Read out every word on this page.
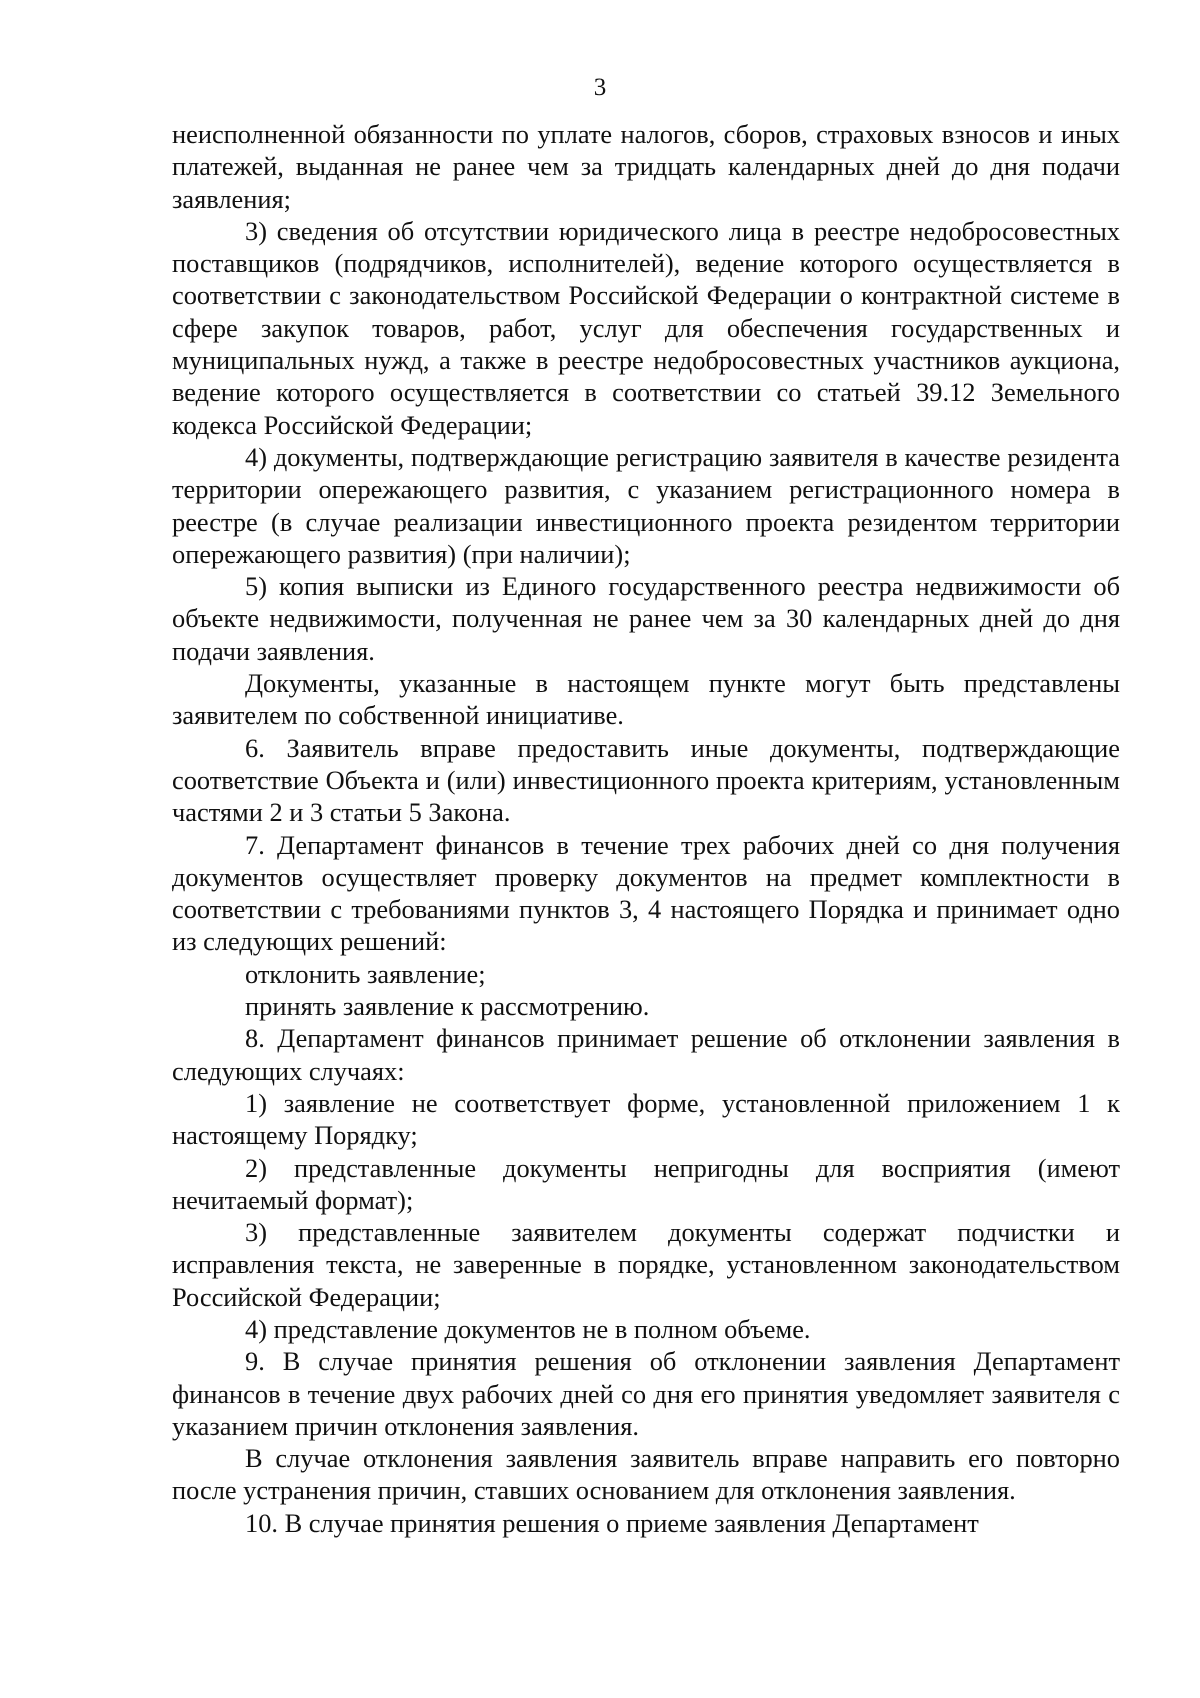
3

неисполненной обязанности по уплате налогов, сборов, страховых взносов и иных платежей, выданная не ранее чем за тридцать календарных дней до дня подачи заявления;

3) сведения об отсутствии юридического лица в реестре недобросовестных поставщиков (подрядчиков, исполнителей), ведение которого осуществляется в соответствии с законодательством Российской Федерации о контрактной системе в сфере закупок товаров, работ, услуг для обеспечения государственных и муниципальных нужд, а также в реестре недобросовестных участников аукциона, ведение которого осуществляется в соответствии со статьей 39.12 Земельного кодекса Российской Федерации;

4) документы, подтверждающие регистрацию заявителя в качестве резидента территории опережающего развития, с указанием регистрационного номера в реестре (в случае реализации инвестиционного проекта резидентом территории опережающего развития) (при наличии);

5) копия выписки из Единого государственного реестра недвижимости об объекте недвижимости, полученная не ранее чем за 30 календарных дней до дня подачи заявления.

Документы, указанные в настоящем пункте могут быть представлены заявителем по собственной инициативе.

6. Заявитель вправе предоставить иные документы, подтверждающие соответствие Объекта и (или) инвестиционного проекта критериям, установленным частями 2 и 3 статьи 5 Закона.

7. Департамент финансов в течение трех рабочих дней со дня получения документов осуществляет проверку документов на предмет комплектности в соответствии с требованиями пунктов 3, 4 настоящего Порядка и принимает одно из следующих решений:

отклонить заявление;

принять заявление к рассмотрению.

8. Департамент финансов принимает решение об отклонении заявления в следующих случаях:

1) заявление не соответствует форме, установленной приложением 1 к настоящему Порядку;

2) представленные документы непригодны для восприятия (имеют нечитаемый формат);

3) представленные заявителем документы содержат подчистки и исправления текста, не заверенные в порядке, установленном законодательством Российской Федерации;

4) представление документов не в полном объеме.

9. В случае принятия решения об отклонении заявления Департамент финансов в течение двух рабочих дней со дня его принятия уведомляет заявителя с указанием причин отклонения заявления.

В случае отклонения заявления заявитель вправе направить его повторно после устранения причин, ставших основанием для отклонения заявления.

10. В случае принятия решения о приеме заявления Департамент
